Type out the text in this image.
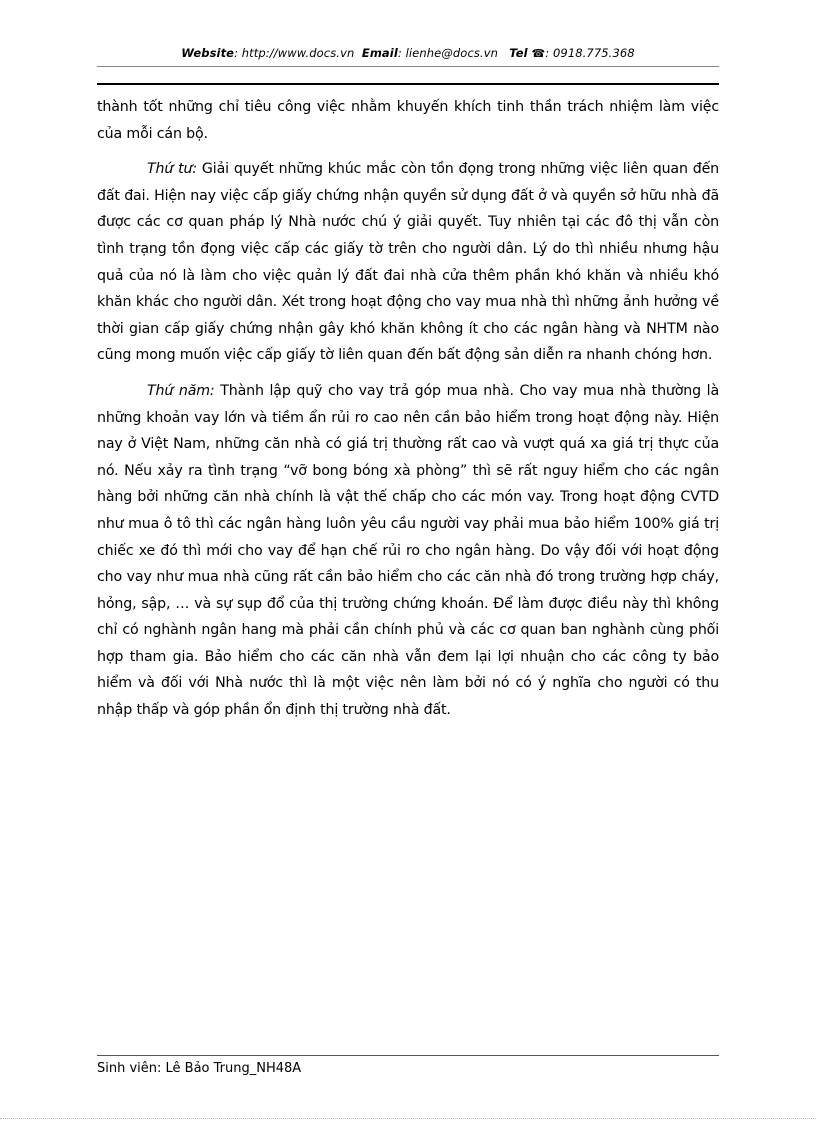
Website: http://www.docs.vn Email: lienhe@docs.vn Tel ☎: 0918.775.368

thành tốt những chỉ tiêu công việc nhằm khuyến khích tinh thần trách nhiệm làm việc của mỗi cán bộ.

Thứ tư: Giải quyết những khúc mắc còn tồn đọng trong những việc liên quan đến đất đai. Hiện nay việc cấp giấy chứng nhận quyền sử dụng đất ở và quyền sở hữu nhà đã được các cơ quan pháp lý Nhà nước chú ý giải quyết. Tuy nhiên tại các đô thị vẫn còn tình trạng tồn đọng việc cấp các giấy tờ trên cho người dân. Lý do thì nhiều nhưng hậu quả của nó là làm cho việc quản lý đất đai nhà cửa thêm phần khó khăn và nhiều khó khăn khác cho người dân. Xét trong hoạt động cho vay mua nhà thì những ảnh hưởng về thời gian cấp giấy chứng nhận gây khó khăn không ít cho các ngân hàng và NHTM nào cũng mong muốn việc cấp giấy tờ liên quan đến bất động sản diễn ra nhanh chóng hơn.

Thứ năm: Thành lập quỹ cho vay trả góp mua nhà. Cho vay mua nhà thường là những khoản vay lớn và tiềm ẩn rủi ro cao nên cần bảo hiểm trong hoạt động này. Hiện nay ở Việt Nam, những căn nhà có giá trị thường rất cao và vượt quá xa giá trị thực của nó. Nếu xảy ra tình trạng “vỡ bong bóng xà phòng” thì sẽ rất nguy hiểm cho các ngân hàng bởi những căn nhà chính là vật thế chấp cho các món vay. Trong hoạt động CVTD như mua ô tô thì các ngân hàng luôn yêu cầu người vay phải mua bảo hiểm 100% giá trị chiếc xe đó thì mới cho vay để hạn chế rủi ro cho ngân hàng. Do vậy đối với hoạt động cho vay như mua nhà cũng rất cần bảo hiểm cho các căn nhà đó trong trường hợp cháy, hỏng, sập, … và sự sụp đổ của thị trường chứng khoán. Để làm được điều này thì không chỉ có nghành ngân hang mà phải cần chính phủ và các cơ quan ban nghành cùng phối hợp tham gia. Bảo hiểm cho các căn nhà vẫn đem lại lợi nhuận cho các công ty bảo hiểm và đối với Nhà nước thì là một việc nên làm bởi nó có ý nghĩa cho người có thu nhập thấp và góp phần ổn định thị trường nhà đất.

Sinh viên: Lê Bảo Trung_NH48A
